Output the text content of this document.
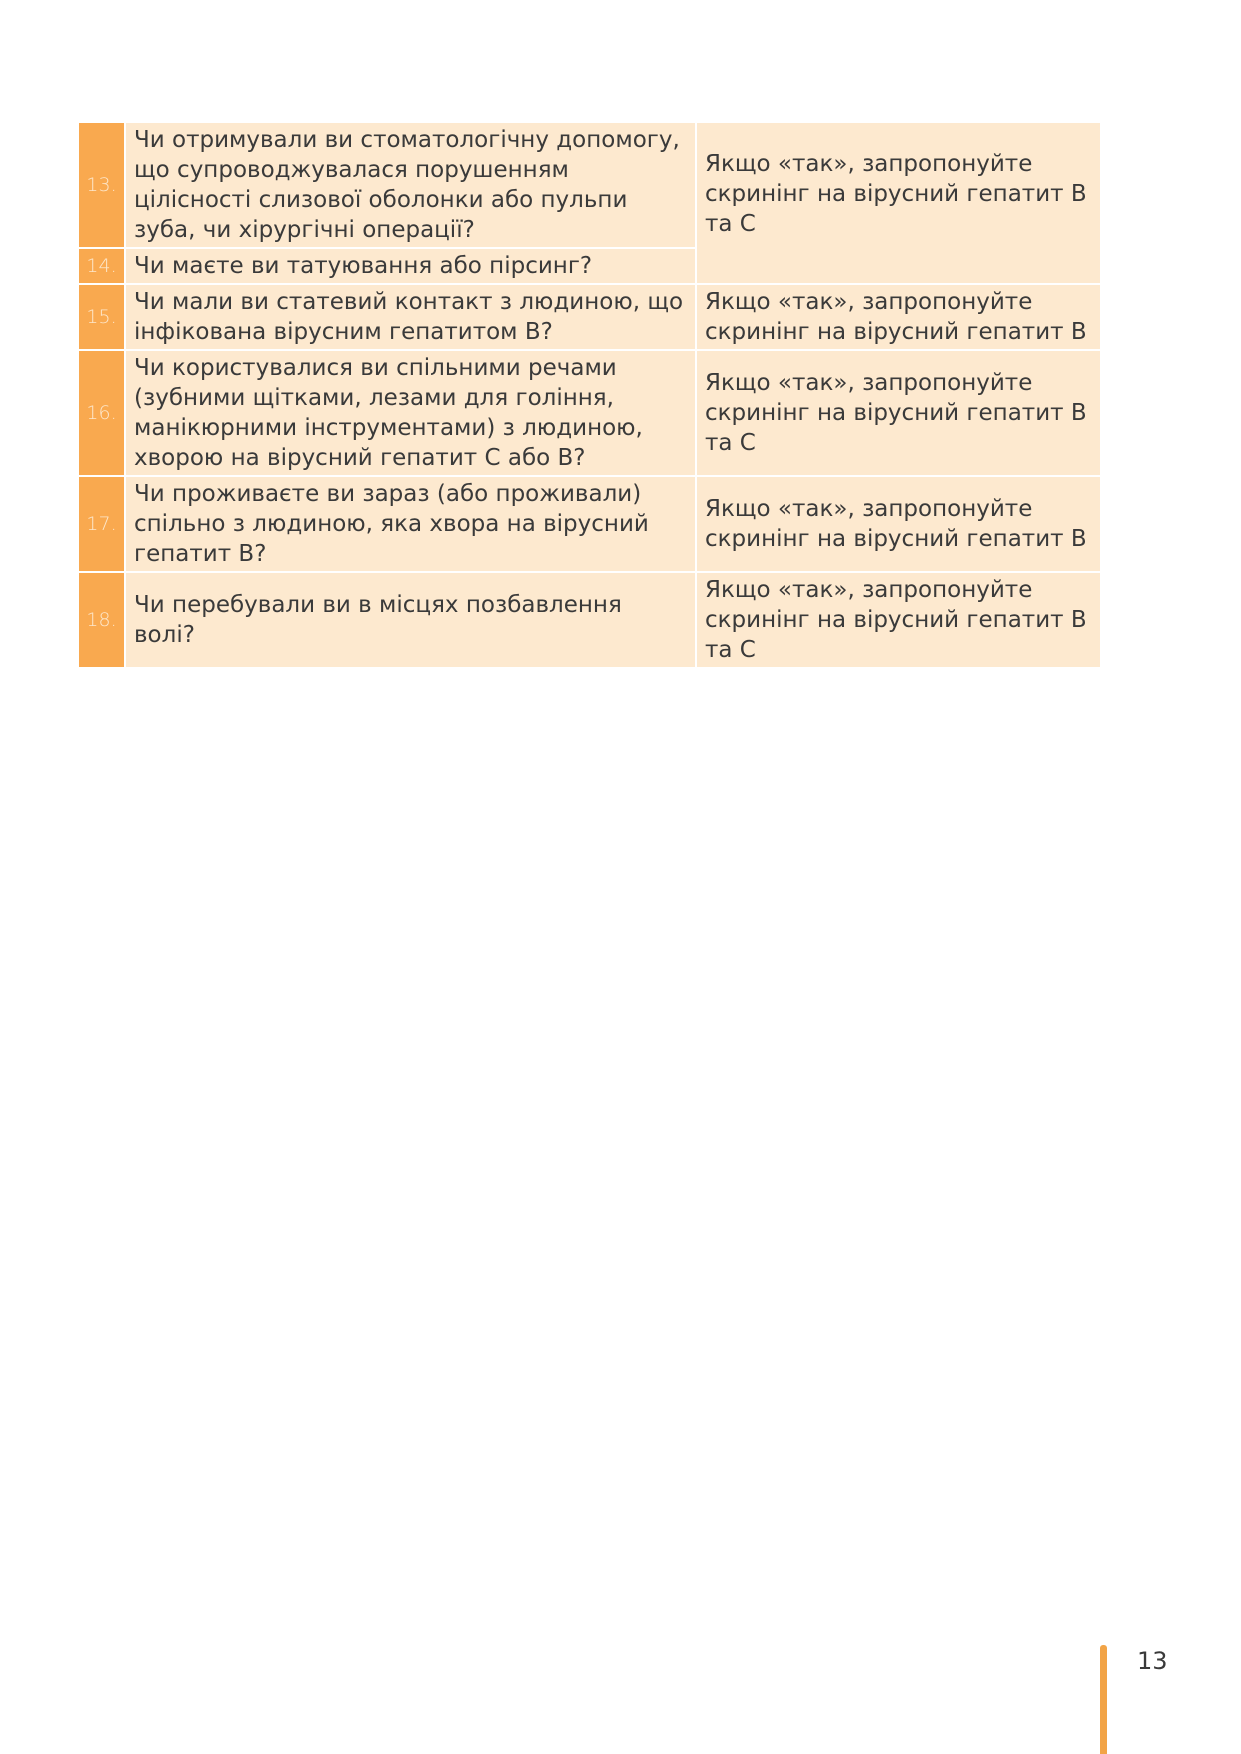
13.	Чи отримували ви стоматологічну допомогу, що супроводжувалася порушенням цілісності слизової оболонки або пульпи зуба, чи хірургічні операції?	Якщо «так», запропонуйте скринінг на вірусний гепатит В та С
14.	Чи маєте ви татуювання або пірсинг?	
15.	Чи мали ви статевий контакт з людиною, що інфікована вірусним гепатитом В?	Якщо «так», запропонуйте скринінг на вірусний гепатит В
16.	Чи користувалися ви спільними речами (зубними щітками, лезами для гоління, манікюрними інструментами) з людиною, хворою на вірусний гепатит С або В?	Якщо «так», запропонуйте скринінг на вірусний гепатит В та С
17.	Чи проживаєте ви зараз (або проживали) спільно з людиною, яка хвора на вірусний гепатит В?	Якщо «так», запропонуйте скринінг на вірусний гепатит В
18.	Чи перебували ви в місцях позбавлення волі?	Якщо «так», запропонуйте скринінг на вірусний гепатит В та С
13
